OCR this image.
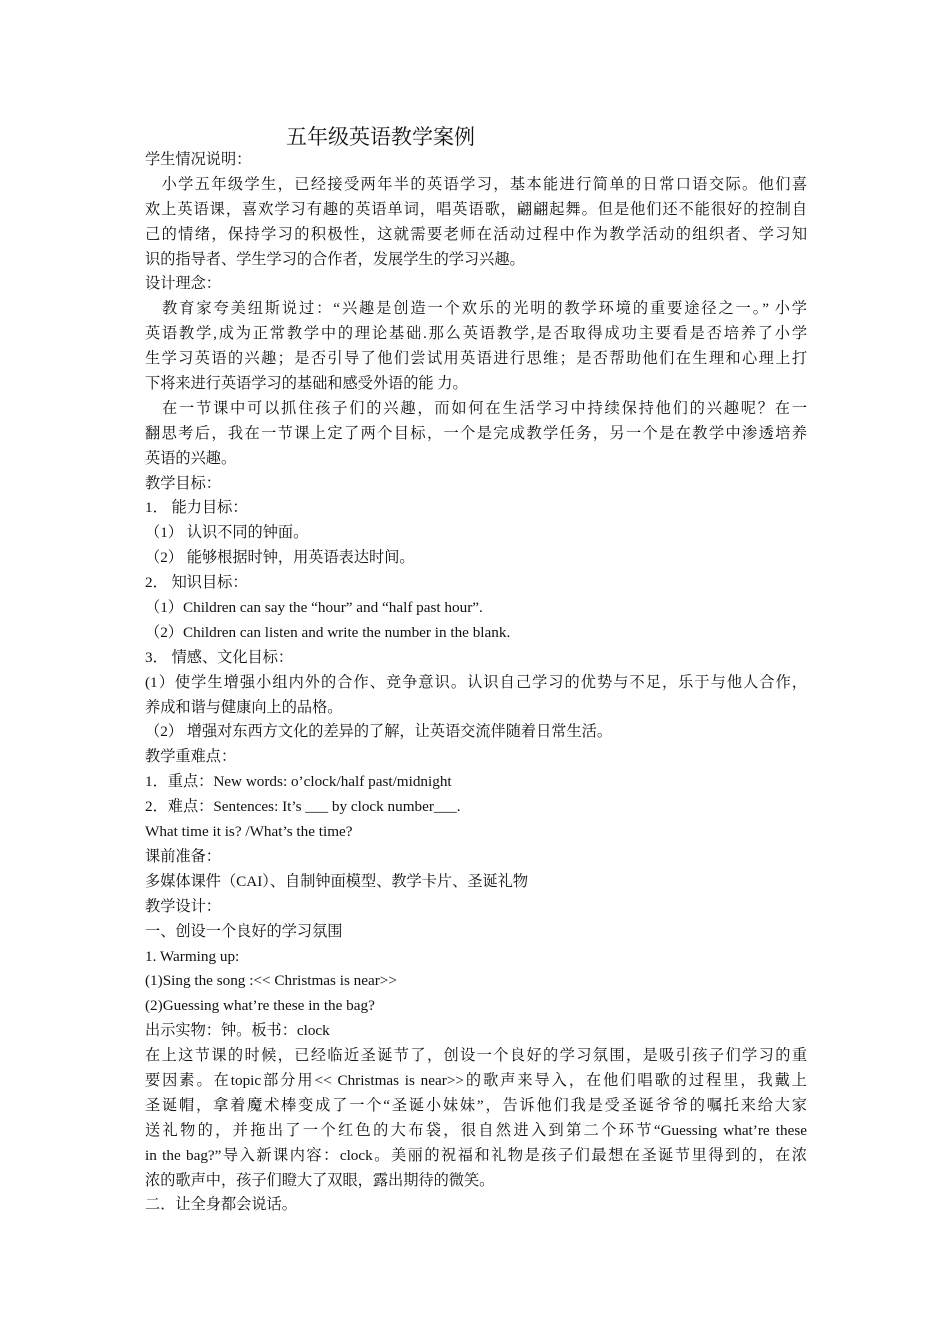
五年级英语教学案例
学生情况说明：
　小学五年级学生，已经接受两年半的英语学习，基本能进行简单的日常口语交际。他们喜
欢上英语课，喜欢学习有趣的英语单词，唱英语歌，翩翩起舞。但是他们还不能很好的控制自
己的情绪，保持学习的积极性，这就需要老师在活动过程中作为教学活动的组织者、学习知
识的指导者、学生学习的合作者，发展学生的学习兴趣。
设计理念：
　教育家夸美纽斯说过：“兴趣是创造一个欢乐的光明的教学环境的重要途径之一。” 小学
英语教学,成为正常教学中的理论基础.那么英语教学,是否取得成功主要看是否培养了小学
生学习英语的兴趣；是否引导了他们尝试用英语进行思维；是否帮助他们在生理和心理上打
下将来进行英语学习的基础和感受外语的能 力。
　在一节课中可以抓住孩子们的兴趣，而如何在生活学习中持续保持他们的兴趣呢？在一
翻思考后，我在一节课上定了两个目标，一个是完成教学任务，另一个是在教学中渗透培养
英语的兴趣。
教学目标：
1． 能力目标：
（1） 认识不同的钟面。
（2） 能够根据时钟，用英语表达时间。
2． 知识目标：
（1）Children can say the “hour” and “half past hour”.
（2）Children can listen and write the number in the blank.
3． 情感、文化目标：
(1）使学生增强小组内外的合作、竞争意识。认识自己学习的优势与不足，乐于与他人合作，
养成和谐与健康向上的品格。
（2） 增强对东西方文化的差异的了解，让英语交流伴随着日常生活。
教学重难点：
1．重点：New words: o’clock/half past/midnight
2．难点：Sentences: It’s ___ by clock number___.
What time it is? /What’s the time?
课前准备：
多媒体课件（CAI）、自制钟面模型、教学卡片、圣诞礼物
教学设计：
一、创设一个良好的学习氛围
1. Warming up:
(1)Sing the song :<< Christmas is near>>
(2)Guessing what’re these in the bag?
出示实物：钟。板书：clock
在上这节课的时候，已经临近圣诞节了，创设一个良好的学习氛围，是吸引孩子们学习的重
要因素。在topic部分用<< Christmas is near>>的歌声来导入，在他们唱歌的过程里，我戴上
圣诞帽，拿着魔术棒变成了一个“圣诞小妹妹”，告诉他们我是受圣诞爷爷的嘱托来给大家
送礼物的，并拖出了一个红色的大布袋，很自然进入到第二个环节“Guessing what’re these
in the bag?”导入新课内容：clock。美丽的祝福和礼物是孩子们最想在圣诞节里得到的，在浓
浓的歌声中，孩子们瞪大了双眼，露出期待的微笑。
二．让全身都会说话。
